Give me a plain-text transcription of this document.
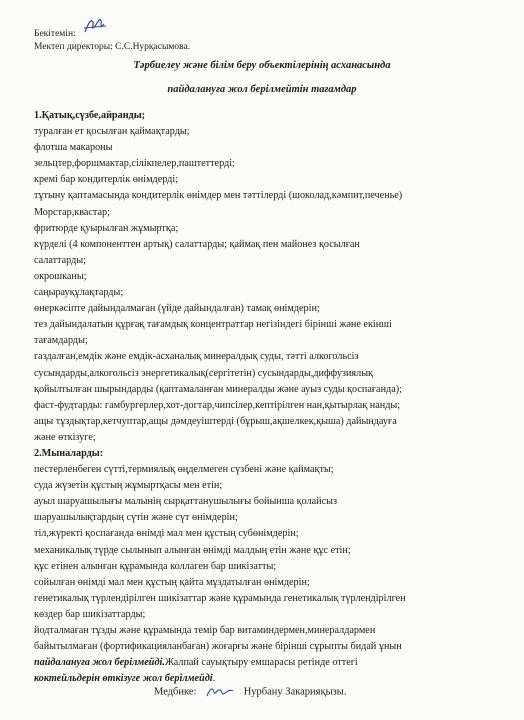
Бекітемін:
Мектеп директоры: С.С.Нурқасымова.
Тәрбиелеу және білім беру объектілерінің асханасында
пайдалануға жол берілмейтін тағамдар
1.Қатық,сүзбе,айранды;
туралған ет қосылған қаймақтарды;
флотша макароны
зельцтер,форшмактар,сілікпелер,паштеттерді;
кремі бар кондитерлік өнімдерді;
тұтыну қаптамасында кондитерлік өнімдер мен тәттілерді (шоколад,кәмпит,печенье)
Морстар,квастар;
фритюрде қуырылған жұмыртқа;
күрделі (4 компоненттен артық) салаттарды; қаймақ пен майонез қосылған
салаттарды;
окрошканы;
саңырауқұлақтарды;
өнеркәсіпте дайындалмаған (үйде дайындалған) тамақ өнімдерін;
тез дайындалатын құрғақ тағамдық концентраттар негізіндегі бірінші және екінші
тағамдарды;
газдалған,емдік және емдік-асханалық минералдық суды, тәтті алкогольсіз
сусындарды,алкогольсіз энергетикалық(сергітетін) сусындарды,диффузиялық
қойылтылған шырындарды (қаптамаланған минералды және ауыз суды қоспағанда);
фаст-фудтарды: гамбургерлер,хот-догтар,чипсілер,кептірілген нан,қытырлақ нанды;
ащы тұздықтар,кетчуптар,ащы дәмдеуіштерді (бұрыш,ақшелкек,қыша) дайындауға
жәнe өткізуге;
2.Мыналарды:
пестерленбеген сүтті,термиялық өңделмеген сүзбені және қаймақты;
суда жүзетін құстың жұмыртқасы мен етін;
ауыл шаруашылығы малынің сырқаттанушылығы бойынша қолайсыз
шаруашылықтардың сүтін және сүт өнімдерін;
тіл,жүректі қоспағанда өнімді мал мен құстың субөнімдерін;
механикалық түрде сылынып алынған өнімді малдың етін және құс етін;
құс етінен алынған құрамында коллаген бар шикізатты;
сойылған өнімді мал мен құстың қайта мұздатылған өнімдерін;
генетикалық түрлендірілген шикізаттар және құрамында генетикалық түрлендірілген
көздер бар шикізаттарды;
йодталмаған тұзды және құрамында темір бар витаминдермен,минералдармен
байытылмаған (фортификацияланбаған) жоғарғы және бірінші сұрыпты бидай ұнын
пайдалануға жол берілмейді.Жалпай сауықтыру емшарасы ретінде оттегі
коктейльдерін өткізуге жол берілмейді.
Медбике:	Нурбану Закарияқызы.
